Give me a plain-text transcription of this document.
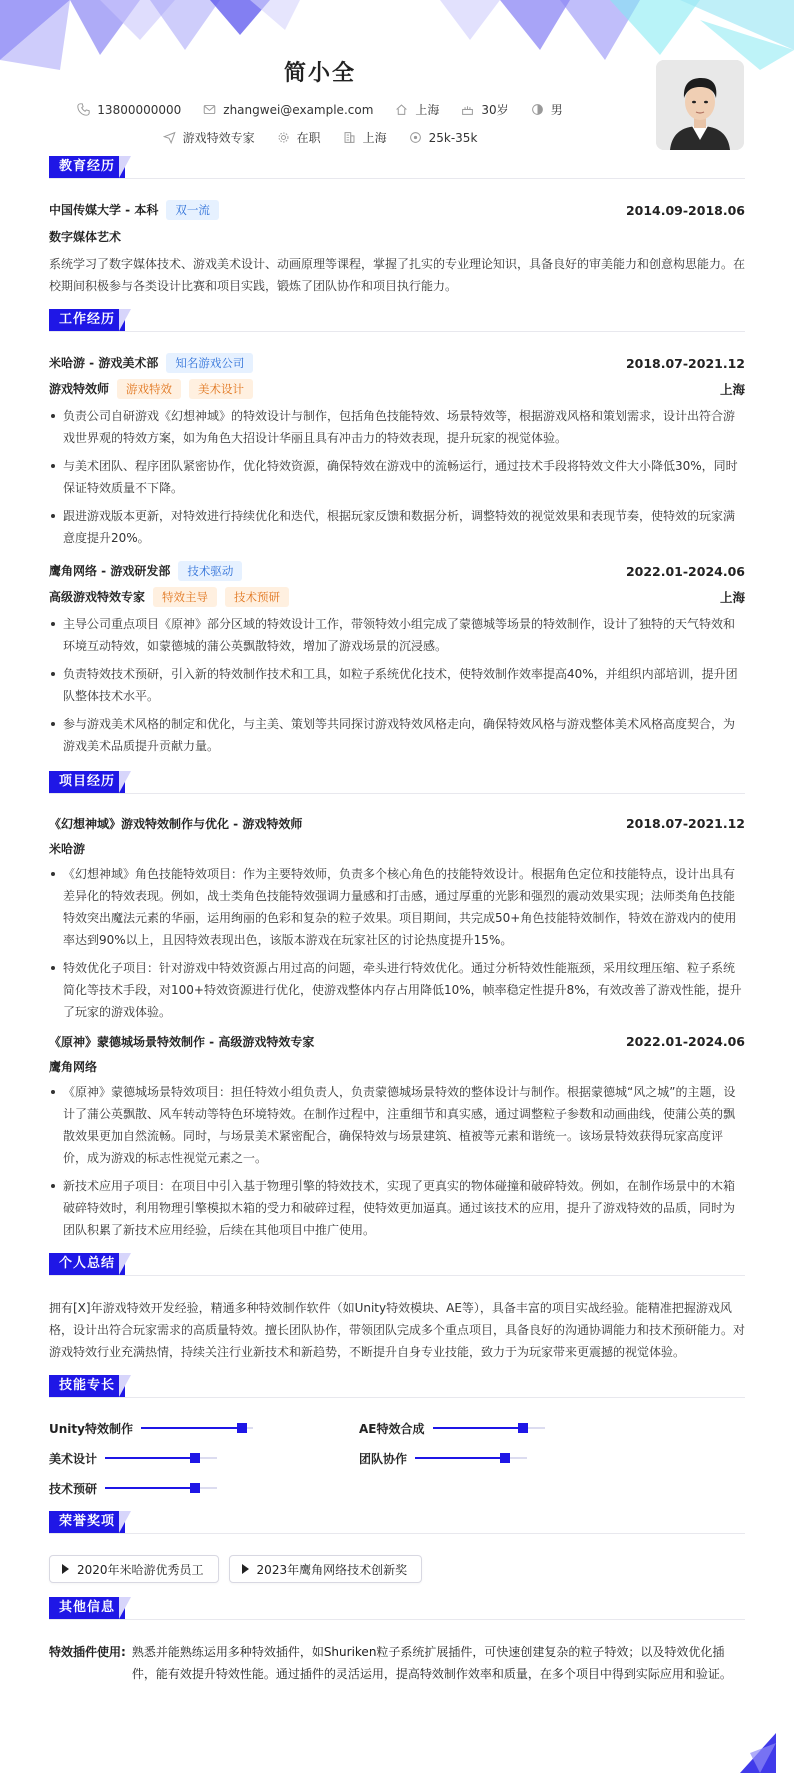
简小全
13800000000	zhangwei@example.com	上海	30岁	男
游戏特效专家	在职	上海	25k-35k
教育经历
中国传媒大学 - 本科 双一流	2014.09-2018.06
数字媒体艺术
系统学习了数字媒体技术、游戏美术设计、动画原理等课程，掌握了扎实的专业理论知识，具备良好的审美能力和创意构思能力。在校期间积极参与各类设计比赛和项目实践，锻炼了团队协作和项目执行能力。
工作经历
米哈游 - 游戏美术部 知名游戏公司	2018.07-2021.12
游戏特效师 游戏特效 美术设计	上海
负责公司自研游戏《幻想神域》的特效设计与制作，包括角色技能特效、场景特效等，根据游戏风格和策划需求，设计出符合游戏世界观的特效方案，如为角色大招设计华丽且具有冲击力的特效表现，提升玩家的视觉体验。
与美术团队、程序团队紧密协作，优化特效资源，确保特效在游戏中的流畅运行，通过技术手段将特效文件大小降低30%，同时保证特效质量不下降。
跟进游戏版本更新，对特效进行持续优化和迭代，根据玩家反馈和数据分析，调整特效的视觉效果和表现节奏，使特效的玩家满意度提升20%。
鹰角网络 - 游戏研发部 技术驱动	2022.01-2024.06
高级游戏特效专家 特效主导 技术预研	上海
主导公司重点项目《原神》部分区域的特效设计工作，带领特效小组完成了蒙德城等场景的特效制作，设计了独特的天气特效和环境互动特效，如蒙德城的蒲公英飘散特效，增加了游戏场景的沉浸感。
负责特效技术预研，引入新的特效制作技术和工具，如粒子系统优化技术，使特效制作效率提高40%，并组织内部培训，提升团队整体技术水平。
参与游戏美术风格的制定和优化，与主美、策划等共同探讨游戏特效风格走向，确保特效风格与游戏整体美术风格高度契合，为游戏美术品质提升贡献力量。
项目经历
《幻想神域》游戏特效制作与优化 - 游戏特效师	2018.07-2021.12
米哈游
《幻想神域》角色技能特效项目：作为主要特效师，负责多个核心角色的技能特效设计。根据角色定位和技能特点，设计出具有差异化的特效表现。例如，战士类角色技能特效强调力量感和打击感，通过厚重的光影和强烈的震动效果实现；法师类角色技能特效突出魔法元素的华丽，运用绚丽的色彩和复杂的粒子效果。项目期间，共完成50+角色技能特效制作，特效在游戏内的使用率达到90%以上，且因特效表现出色，该版本游戏在玩家社区的讨论热度提升15%。
特效优化子项目：针对游戏中特效资源占用过高的问题，牵头进行特效优化。通过分析特效性能瓶颈，采用纹理压缩、粒子系统简化等技术手段，对100+特效资源进行优化，使游戏整体内存占用降低10%，帧率稳定性提升8%，有效改善了游戏性能，提升了玩家的游戏体验。
《原神》蒙德城场景特效制作 - 高级游戏特效专家	2022.01-2024.06
鹰角网络
《原神》蒙德城场景特效项目：担任特效小组负责人，负责蒙德城场景特效的整体设计与制作。根据蒙德城“风之城”的主题，设计了蒲公英飘散、风车转动等特色环境特效。在制作过程中，注重细节和真实感，通过调整粒子参数和动画曲线，使蒲公英的飘散效果更加自然流畅。同时，与场景美术紧密配合，确保特效与场景建筑、植被等元素和谐统一。该场景特效获得玩家高度评价，成为游戏的标志性视觉元素之一。
新技术应用子项目：在项目中引入基于物理引擎的特效技术，实现了更真实的物体碰撞和破碎特效。例如，在制作场景中的木箱破碎特效时，利用物理引擎模拟木箱的受力和破碎过程，使特效更加逼真。通过该技术的应用，提升了游戏特效的品质，同时为团队积累了新技术应用经验，后续在其他项目中推广使用。
个人总结
拥有[X]年游戏特效开发经验，精通多种特效制作软件（如Unity特效模块、AE等），具备丰富的项目实战经验。能精准把握游戏风格，设计出符合玩家需求的高质量特效。擅长团队协作，带领团队完成多个重点项目，具备良好的沟通协调能力和技术预研能力。对游戏特效行业充满热情，持续关注行业新技术和新趋势，不断提升自身专业技能，致力于为玩家带来更震撼的视觉体验。
技能专长
Unity特效制作	AE特效合成
美术设计	团队协作
技术预研
荣誉奖项
2020年米哈游优秀员工	2023年鹰角网络技术创新奖
其他信息
特效插件使用: 熟悉并能熟练运用多种特效插件，如Shuriken粒子系统扩展插件，可快速创建复杂的粒子特效；以及特效优化插件，能有效提升特效性能。通过插件的灵活运用，提高特效制作效率和质量，在多个项目中得到实际应用和验证。
